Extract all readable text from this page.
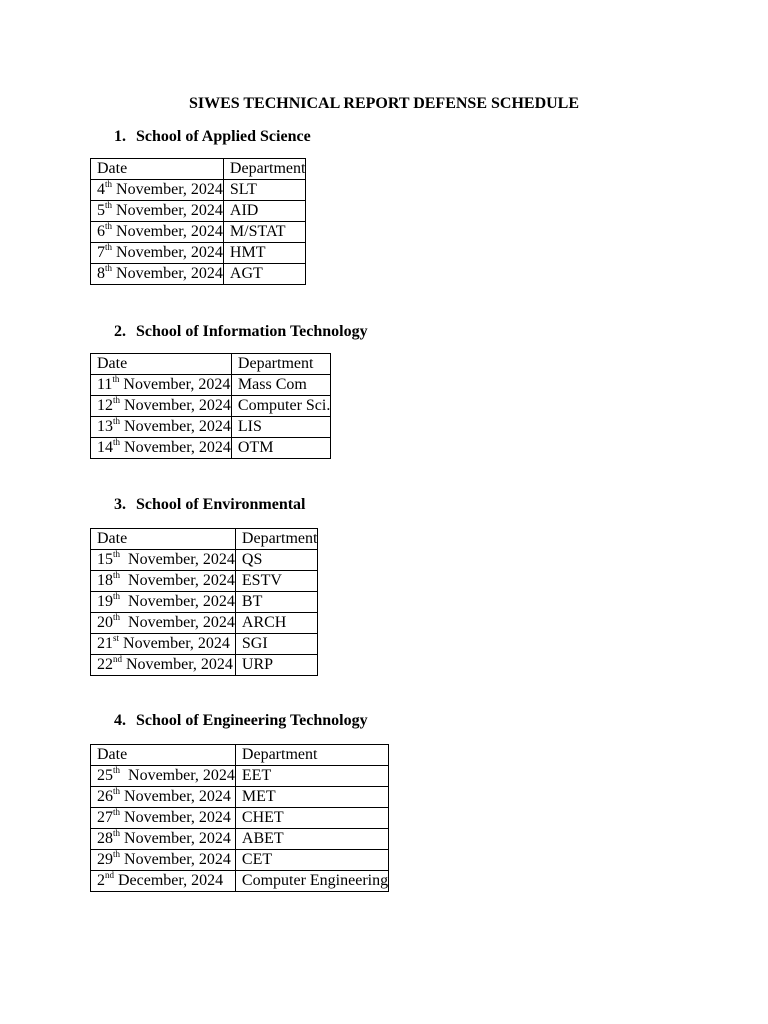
SIWES TECHNICAL REPORT DEFENSE SCHEDULE
1. School of Applied Science
Date	Department
4th November, 2024	SLT
5th November, 2024	AID
6th November, 2024	M/STAT
7th November, 2024	HMT
8th November, 2024	AGT
2. School of Information Technology
Date	Department
11th November, 2024	Mass Com
12th November, 2024	Computer Sci.
13th November, 2024	LIS
14th November, 2024	OTM
3. School of Environmental
Date	Department
15th  November, 2024	QS
18th  November, 2024	ESTV
19th  November, 2024	BT
20th  November, 2024	ARCH
21st November, 2024	SGI
22nd November, 2024	URP
4. School of Engineering Technology
Date	Department
25th  November, 2024	EET
26th November, 2024	MET
27th November, 2024	CHET
28th November, 2024	ABET
29th November, 2024	CET
2nd December, 2024	Computer Engineering
